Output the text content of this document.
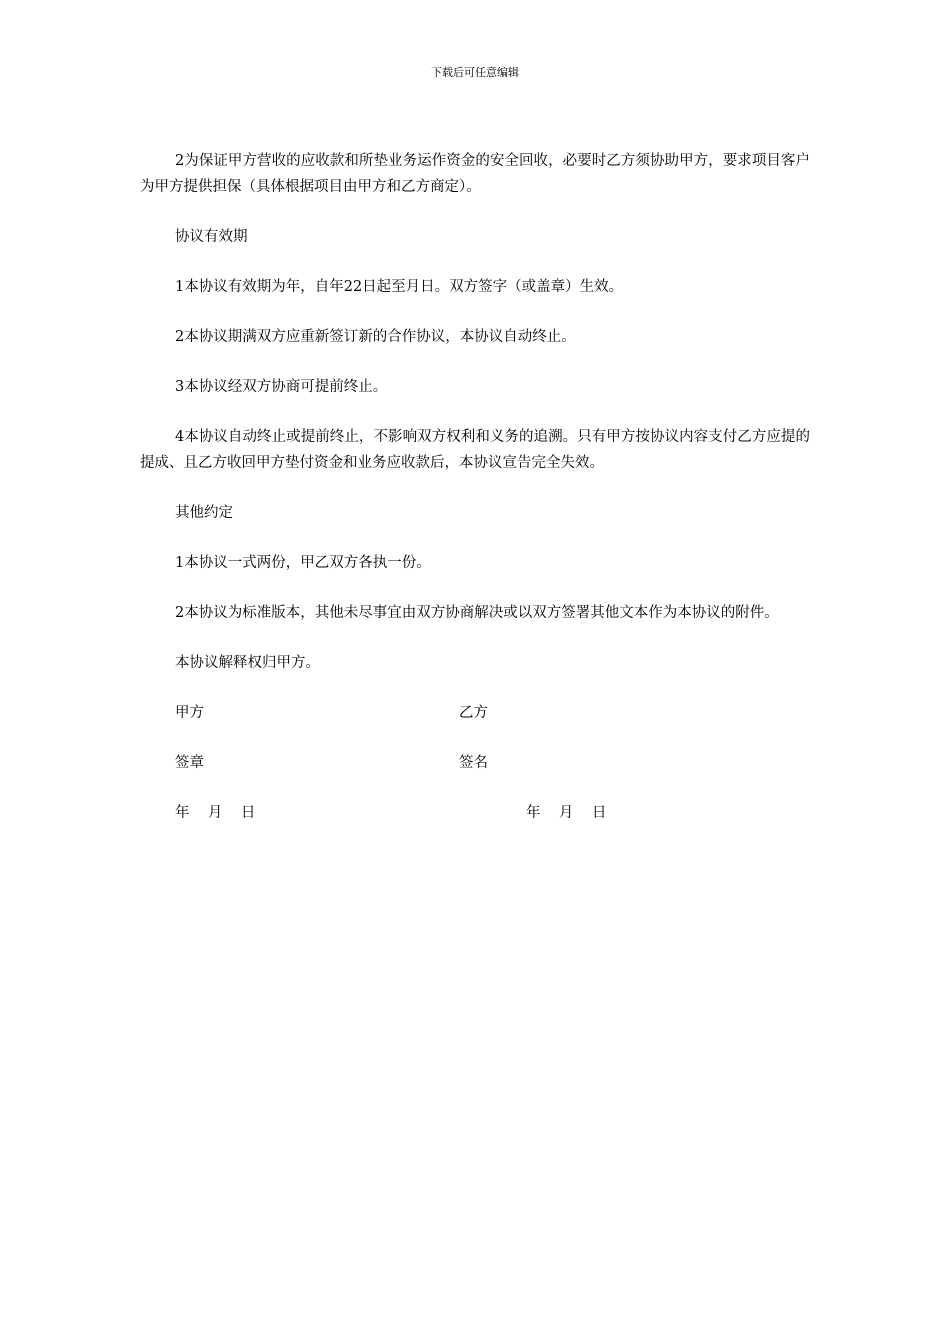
下载后可任意编辑

2为保证甲方营收的应收款和所垫业务运作资金的安全回收，必要时乙方须协助甲方，要求项目客户为甲方提供担保（具体根据项目由甲方和乙方商定）。

协议有效期

1本协议有效期为年，自年22日起至月日。双方签字（或盖章）生效。

2本协议期满双方应重新签订新的合作协议，本协议自动终止。

3本协议经双方协商可提前终止。

4本协议自动终止或提前终止，不影响双方权利和义务的追溯。只有甲方按协议内容支付乙方应提的提成、且乙方收回甲方垫付资金和业务应收款后，本协议宣告完全失效。

其他约定

1本协议一式两份，甲乙双方各执一份。

2本协议为标准版本，其他未尽事宜由双方协商解决或以双方签署其他文本作为本协议的附件。

本协议解释权归甲方。

甲方	乙方
签章	签名
年    月    日	年    月    日
